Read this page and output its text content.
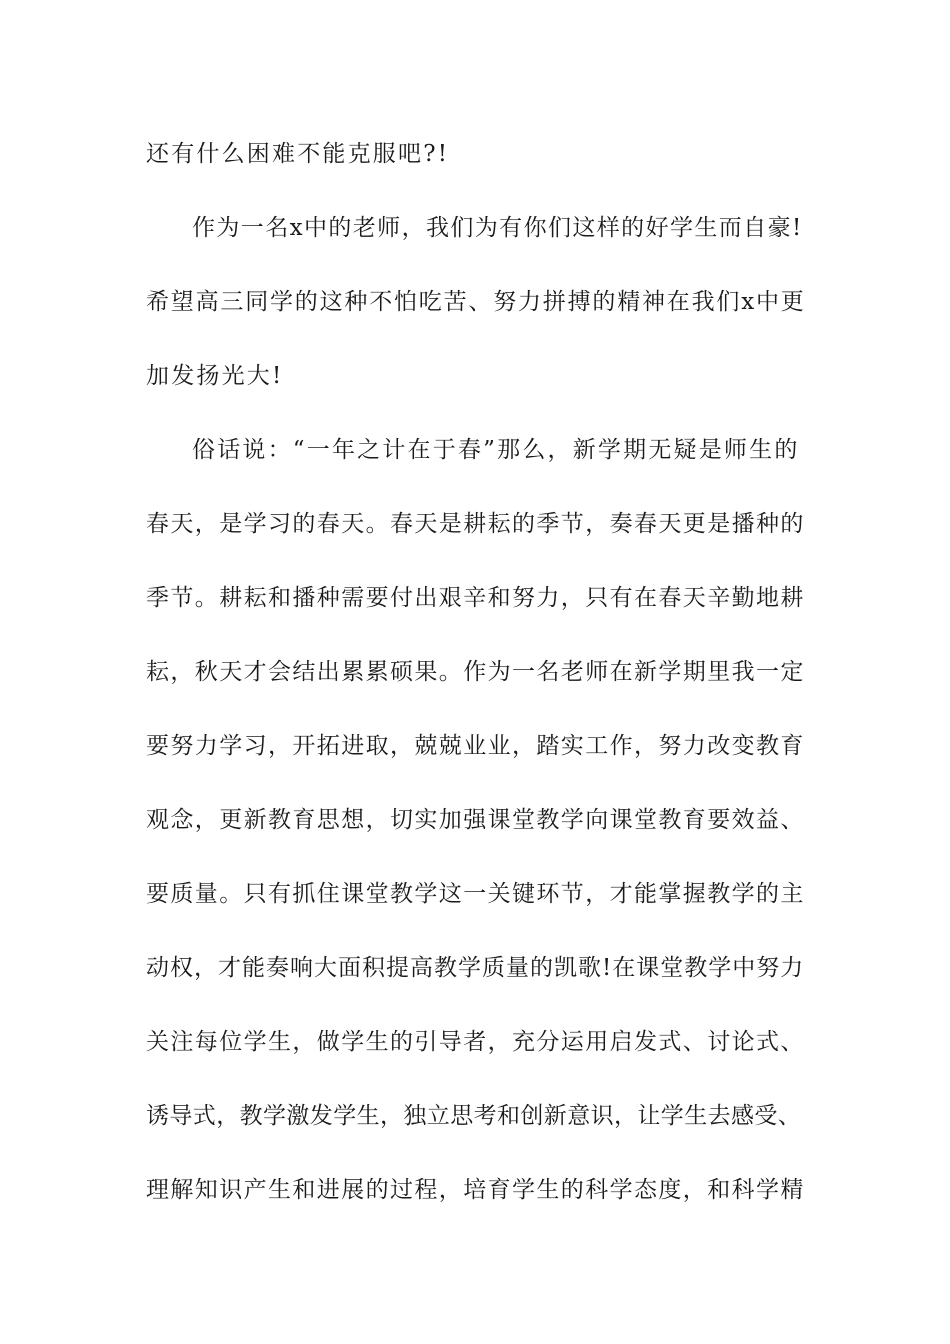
还有什么困难不能克服吧?!

作为一名x中的老师，我们为有你们这样的好学生而自豪!

希望高三同学的这种不怕吃苦、努力拼搏的精神在我们x中更

加发扬光大!

俗话说：“一年之计在于春”那么，新学期无疑是师生的

春天，是学习的春天。春天是耕耘的季节，奏春天更是播种的

季节。耕耘和播种需要付出艰辛和努力，只有在春天辛勤地耕

耘，秋天才会结出累累硕果。作为一名老师在新学期里我一定

要努力学习，开拓进取，兢兢业业，踏实工作，努力改变教育

观念，更新教育思想，切实加强课堂教学向课堂教育要效益、

要质量。只有抓住课堂教学这一关键环节，才能掌握教学的主

动权，才能奏响大面积提高教学质量的凯歌!在课堂教学中努力

关注每位学生，做学生的引导者，充分运用启发式、讨论式、

诱导式，教学激发学生，独立思考和创新意识，让学生去感受、

理解知识产生和进展的过程，培育学生的科学态度，和科学精
